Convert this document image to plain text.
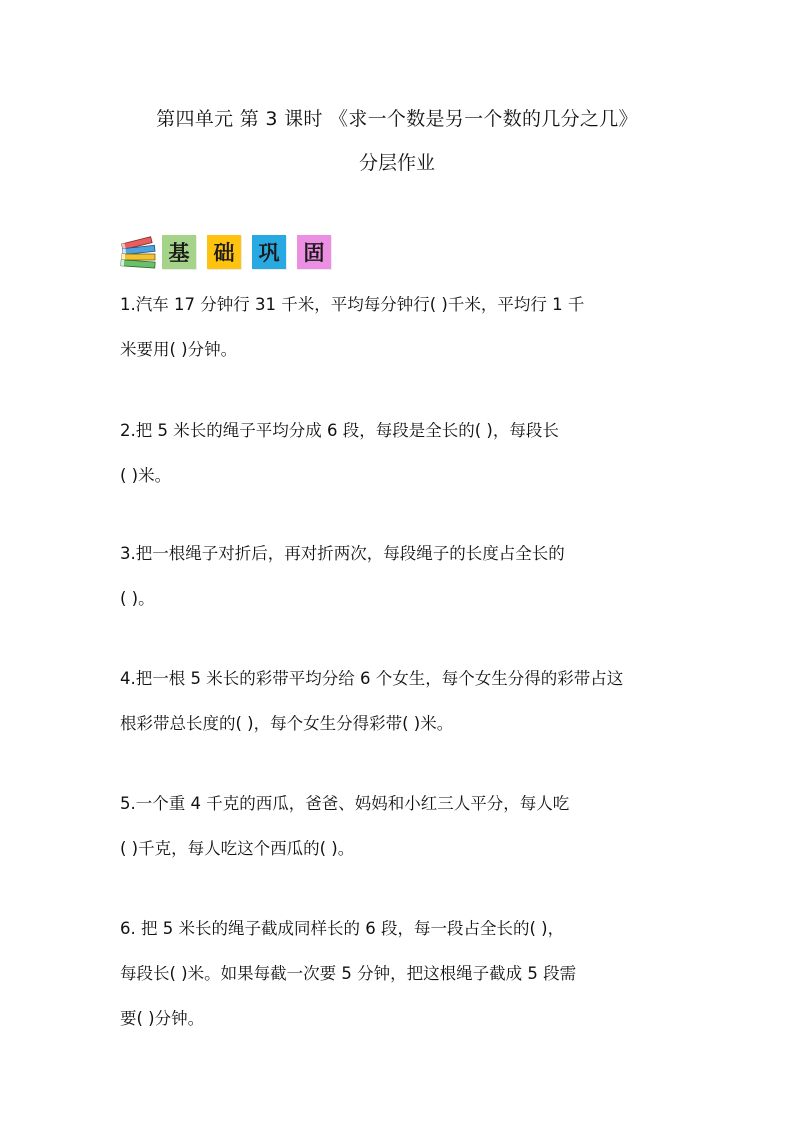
第四单元 第 3 课时 《求一个数是另一个数的几分之几》
分层作业
基	础	巩	固
1.汽车 17 分钟行 31 千米，平均每分钟行( )千米，平均行 1 千
米要用( )分钟。
2.把 5 米长的绳子平均分成 6 段，每段是全长的( )，每段长
( )米。
3.把一根绳子对折后，再对折两次，每段绳子的长度占全长的
( )。
4.把一根 5 米长的彩带平均分给 6 个女生，每个女生分得的彩带占这
根彩带总长度的( )，每个女生分得彩带( )米。
5.一个重 4 千克的西瓜，爸爸、妈妈和小红三人平分，每人吃
( )千克，每人吃这个西瓜的( )。
6. 把 5 米长的绳子截成同样长的 6 段，每一段占全长的( )，
每段长( )米。如果每截一次要 5 分钟，把这根绳子截成 5 段需
要( )分钟。
